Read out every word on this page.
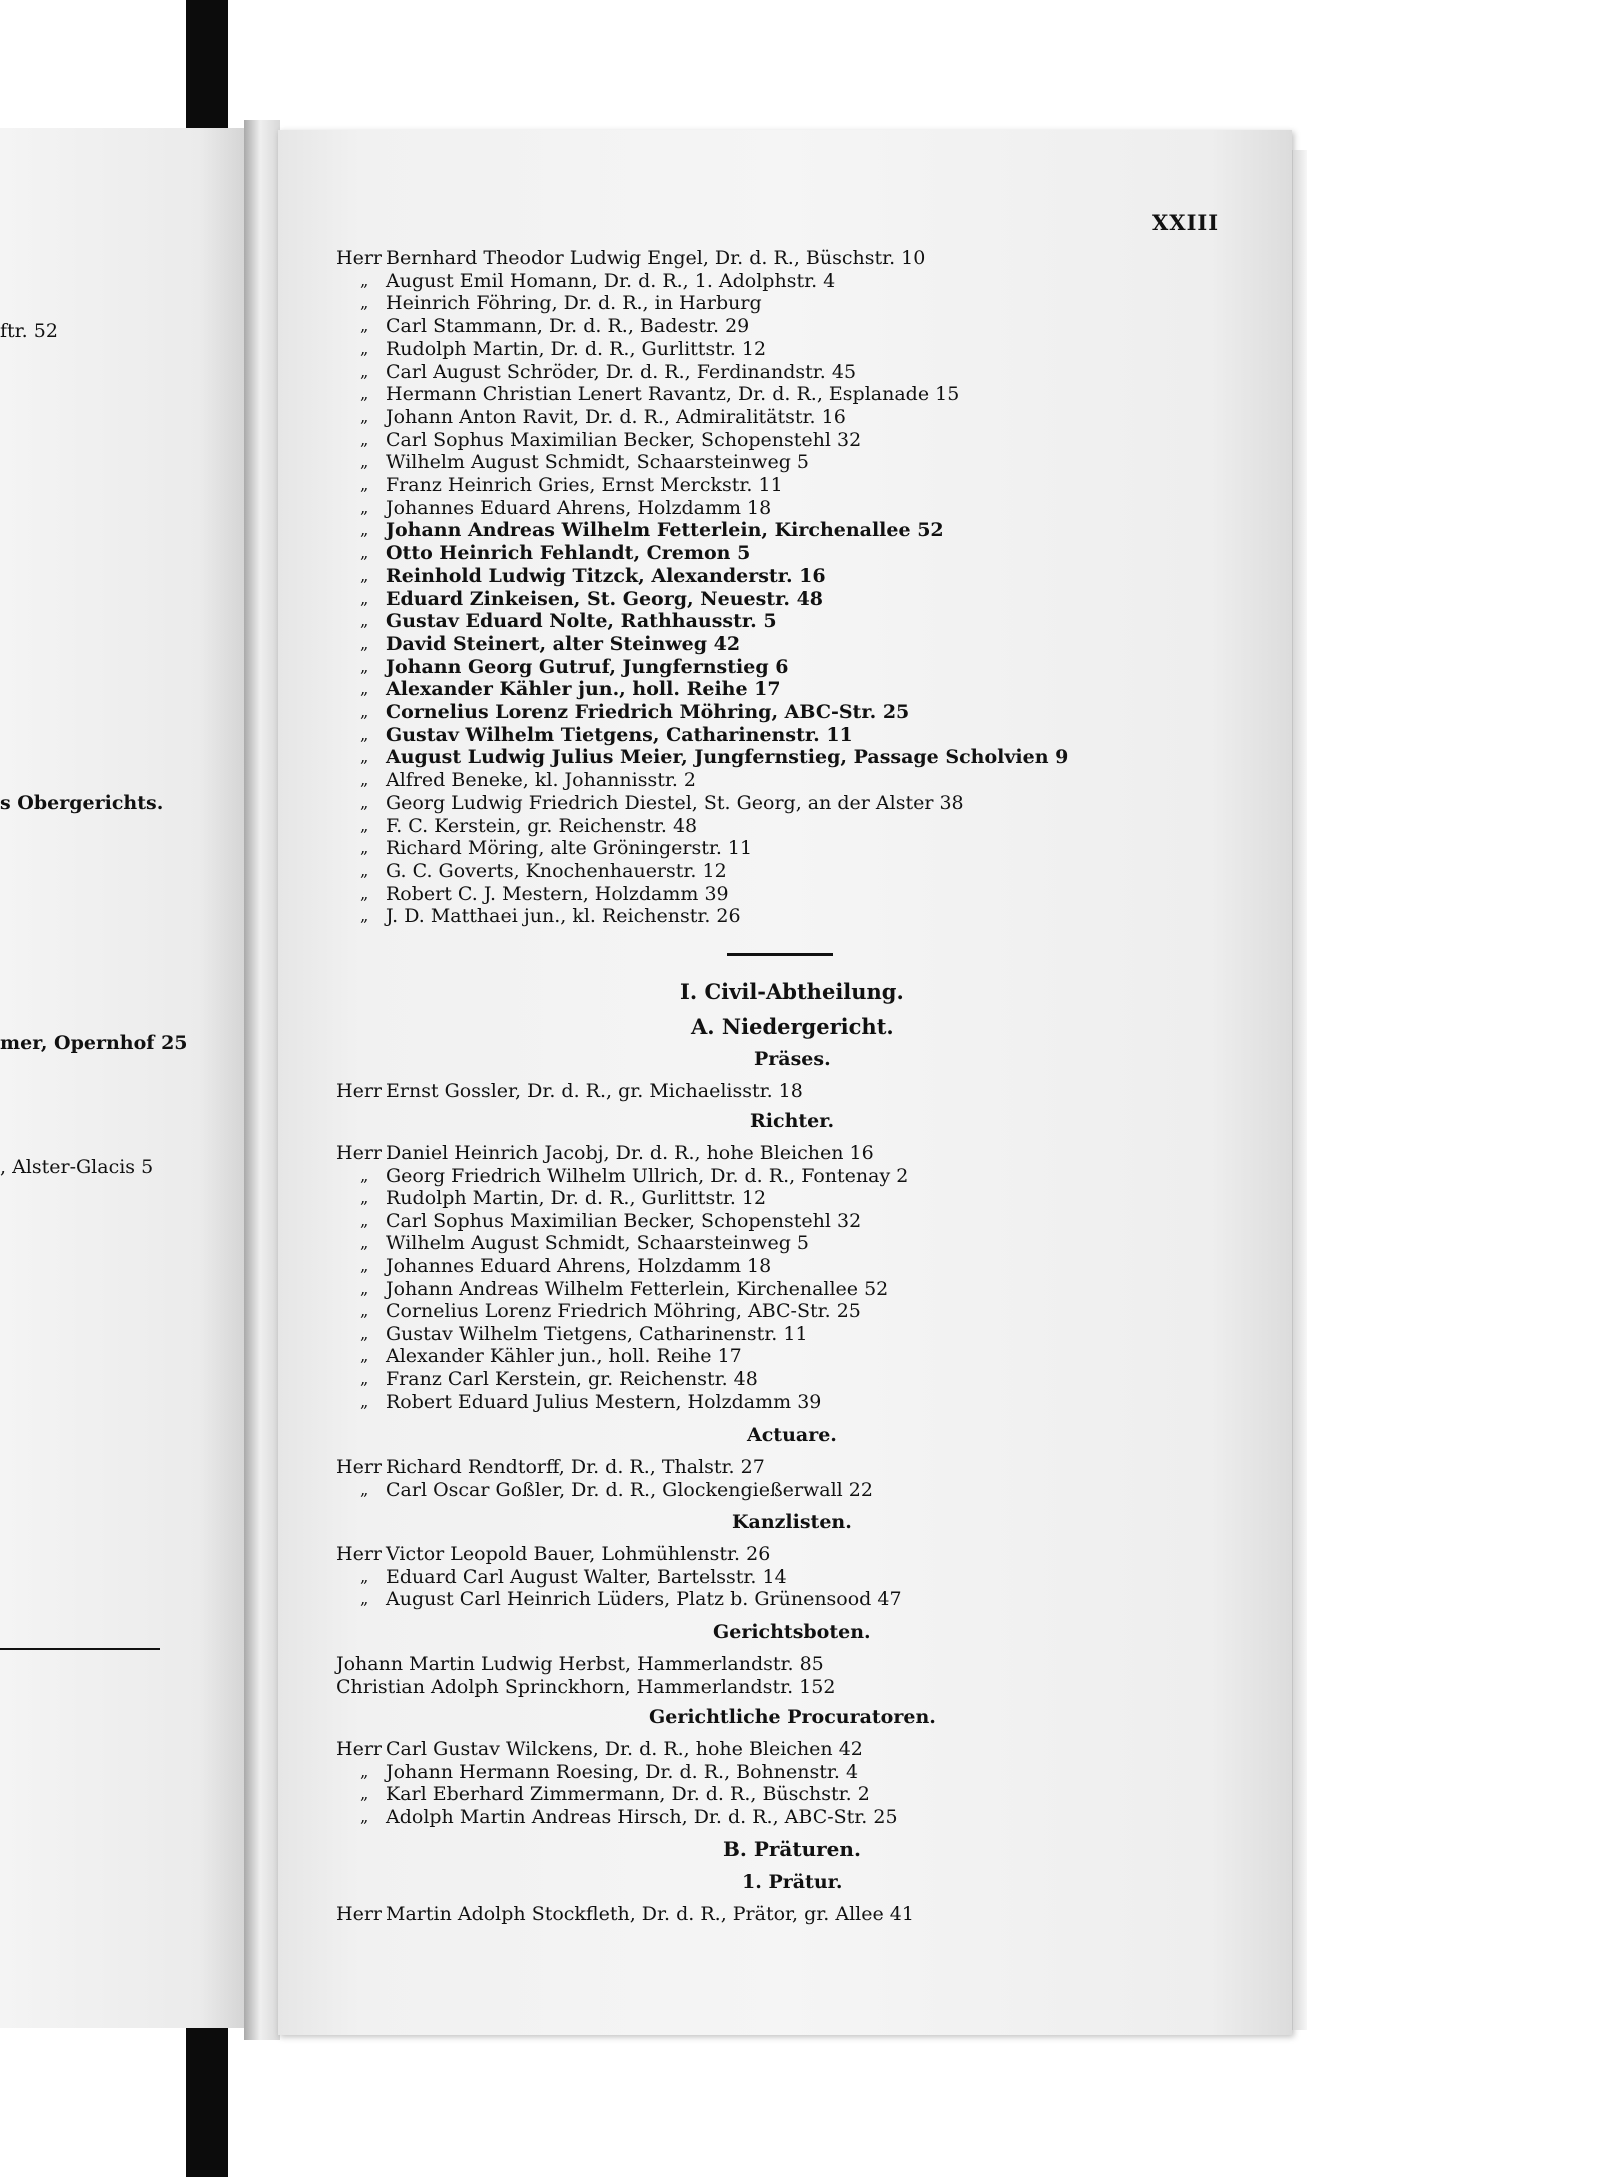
ftr. 52
s Obergerichts.
mer, Opernhof 25
, Alster-Glacis 5
XXIII
Herr Bernhard Theodor Ludwig Engel, Dr. d. R., Büschstr. 10
„ August Emil Homann, Dr. d. R., 1. Adolphstr. 4
„ Heinrich Föhring, Dr. d. R., in Harburg
„ Carl Stammann, Dr. d. R., Badestr. 29
„ Rudolph Martin, Dr. d. R., Gurlittstr. 12
„ Carl August Schröder, Dr. d. R., Ferdinandstr. 45
„ Hermann Christian Lenert Ravantz, Dr. d. R., Esplanade 15
„ Johann Anton Ravit, Dr. d. R., Admiralitätstr. 16
„ Carl Sophus Maximilian Becker, Schopenstehl 32
„ Wilhelm August Schmidt, Schaarsteinweg 5
„ Franz Heinrich Gries, Ernst Merckstr. 11
„ Johannes Eduard Ahrens, Holzdamm 18
„ Johann Andreas Wilhelm Fetterlein, Kirchenallee 52
„ Otto Heinrich Fehlandt, Cremon 5
„ Reinhold Ludwig Titzck, Alexanderstr. 16
„ Eduard Zinkeisen, St. Georg, Neuestr. 48
„ Gustav Eduard Nolte, Rathhausstr. 5
„ David Steinert, alter Steinweg 42
„ Johann Georg Gutruf, Jungfernstieg 6
„ Alexander Kähler jun., holl. Reihe 17
„ Cornelius Lorenz Friedrich Möhring, ABC-Str. 25
„ Gustav Wilhelm Tietgens, Catharinenstr. 11
„ August Ludwig Julius Meier, Jungfernstieg, Passage Scholvien 9
„ Alfred Beneke, kl. Johannisstr. 2
„ Georg Ludwig Friedrich Diestel, St. Georg, an der Alster 38
„ F. C. Kerstein, gr. Reichenstr. 48
„ Richard Möring, alte Gröningerstr. 11
„ G. C. Goverts, Knochenhauerstr. 12
„ Robert C. J. Mestern, Holzdamm 39
„ J. D. Matthaei jun., kl. Reichenstr. 26
I. Civil-Abtheilung.
A. Niedergericht.
Präses.
Herr Ernst Gossler, Dr. d. R., gr. Michaelisstr. 18
Richter.
Herr Daniel Heinrich Jacobj, Dr. d. R., hohe Bleichen 16
„ Georg Friedrich Wilhelm Ullrich, Dr. d. R., Fontenay 2
„ Rudolph Martin, Dr. d. R., Gurlittstr. 12
„ Carl Sophus Maximilian Becker, Schopenstehl 32
„ Wilhelm August Schmidt, Schaarsteinweg 5
„ Johannes Eduard Ahrens, Holzdamm 18
„ Johann Andreas Wilhelm Fetterlein, Kirchenallee 52
„ Cornelius Lorenz Friedrich Möhring, ABC-Str. 25
„ Gustav Wilhelm Tietgens, Catharinenstr. 11
„ Alexander Kähler jun., holl. Reihe 17
„ Franz Carl Kerstein, gr. Reichenstr. 48
„ Robert Eduard Julius Mestern, Holzdamm 39
Actuare.
Herr Richard Rendtorff, Dr. d. R., Thalstr. 27
„ Carl Oscar Goßler, Dr. d. R., Glockengießerwall 22
Kanzlisten.
Herr Victor Leopold Bauer, Lohmühlenstr. 26
„ Eduard Carl August Walter, Bartelsstr. 14
„ August Carl Heinrich Lüders, Platz b. Grünensood 47
Gerichtsboten.
Johann Martin Ludwig Herbst, Hammerlandstr. 85
Christian Adolph Sprinckhorn, Hammerlandstr. 152
Gerichtliche Procuratoren.
Herr Carl Gustav Wilckens, Dr. d. R., hohe Bleichen 42
„ Johann Hermann Roesing, Dr. d. R., Bohnenstr. 4
„ Karl Eberhard Zimmermann, Dr. d. R., Büschstr. 2
„ Adolph Martin Andreas Hirsch, Dr. d. R., ABC-Str. 25
B. Präturen.
1. Prätur.
Herr Martin Adolph Stockfleth, Dr. d. R., Prätor, gr. Allee 41
